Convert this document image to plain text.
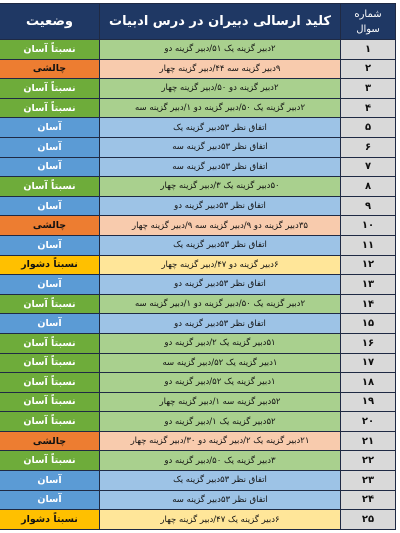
شماره
سوال	کلید ارسالی دبیران در درس ادبیات	وضعیت
۱	۲دبیر گزینه یک ۵۱/دبیر گزینه دو	نسبتاً آسان
۲	۹دبیر گزینه سه ۴۴/دبیر گزینه چهار	چالشی
۳	۲دبیر گزینه دو ۵۰/دبیر گزینه چهار	نسبتاً آسان
۴	۲دبیر گزینه یک ۵۰/دبیر گزینه دو ۱/دبیر گزینه سه	نسبتاً آسان
۵	اتفاق نظر ۵۳دبیر گزینه یک	آسان
۶	اتفاق نظر ۵۳دبیر گزینه سه	آسان
۷	اتفاق نظر ۵۳دبیر گزینه سه	آسان
۸	۵۰دبیر گزینه یک ۳/دبیر گزینه چهار	نسبتاً آسان
۹	اتفاق نظر ۵۳دبیر گزینه دو	آسان
۱۰	۳۵دبیر گزینه دو ۹/دبیر گزینه سه ۹/دبیر گزینه چهار	چالشی
۱۱	اتفاق نظر ۵۳دبیر گزینه یک	آسان
۱۲	۶دبیر گزینه دو ۴۷/دبیر گزینه چهار	نسبتاً دشوار
۱۳	اتفاق نظر ۵۳دبیر گزینه دو	آسان
۱۴	۲دبیر گزینه یک ۵۰/دبیر گزینه دو ۱/دبیر گزینه سه	نسبتاً آسان
۱۵	اتفاق نظر ۵۳دبیر گزینه دو	آسان
۱۶	۵۱دبیر گزینه یک ۲/دبیر گزینه دو	نسبتاً آسان
۱۷	۱دبیر گزینه یک ۵۲/دبیر گزینه سه	نسبتاً آسان
۱۸	۱دبیر گزینه یک ۵۲/دبیر گزینه دو	نسبتاً آسان
۱۹	۵۲دبیر گزینه سه ۱/دبیر گزینه چهار	نسبتاً آسان
۲۰	۵۲دبیر گزینه یک ۱/دبیر گزینه دو	نسبتاً آسان
۲۱	۲۱دبیر گزینه یک ۲/دبیر گزینه دو ۳۰/دبیر گزینه چهار	چالشی
۲۲	۳دبیر گزینه یک ۵۰/دبیر گزینه دو	نسبتاً آسان
۲۳	اتفاق نظر ۵۳دبیر گزینه یک	آسان
۲۴	اتفاق نظر ۵۳دبیر گزینه سه	آسان
۲۵	۶دبیر گزینه یک ۴۷/دبیر گزینه چهار	نسبتاً دشوار
